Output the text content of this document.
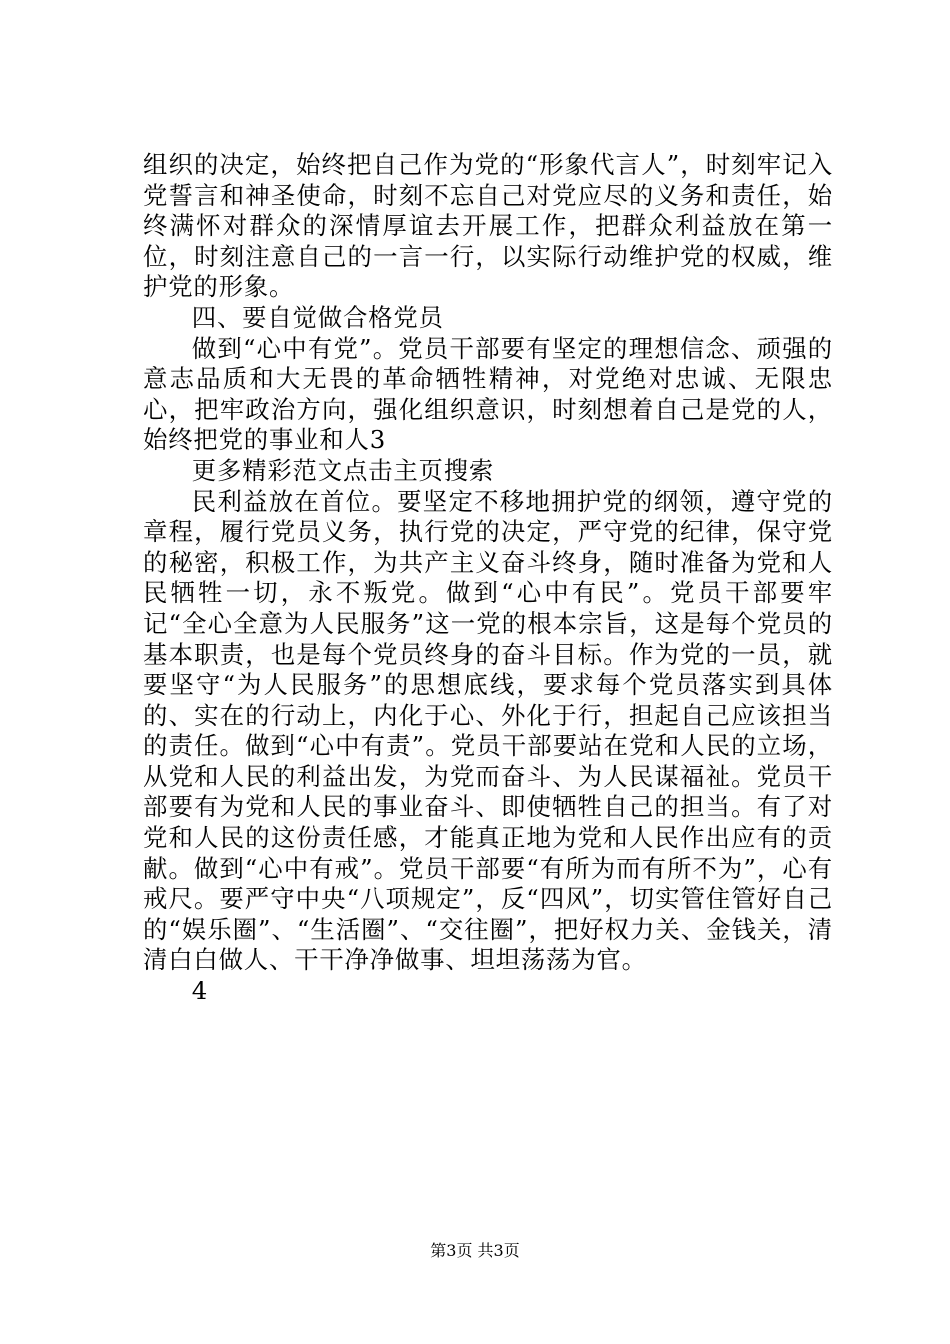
组织的决定，始终把自己作为党的“形象代言人”，时刻牢记入党誓言和神圣使命，时刻不忘自己对党应尽的义务和责任，始终满怀对群众的深情厚谊去开展工作，把群众利益放在第一位，时刻注意自己的一言一行，以实际行动维护党的权威，维护党的形象。

四、要自觉做合格党员

做到“心中有党”。党员干部要有坚定的理想信念、顽强的意志品质和大无畏的革命牺牲精神，对党绝对忠诚、无限忠心，把牢政治方向，强化组织意识，时刻想着自己是党的人，始终把党的事业和人3

更多精彩范文点击主页搜索

民利益放在首位。要坚定不移地拥护党的纲领，遵守党的章程，履行党员义务，执行党的决定，严守党的纪律，保守党的秘密，积极工作，为共产主义奋斗终身，随时准备为党和人民牺牲一切，永不叛党。做到“心中有民”。党员干部要牢记“全心全意为人民服务”这一党的根本宗旨，这是每个党员的基本职责，也是每个党员终身的奋斗目标。作为党的一员，就要坚守“为人民服务”的思想底线，要求每个党员落实到具体的、实在的行动上，内化于心、外化于行，担起自己应该担当的责任。做到“心中有责”。党员干部要站在党和人民的立场，从党和人民的利益出发，为党而奋斗、为人民谋福祉。党员干部要有为党和人民的事业奋斗、即使牺牲自己的担当。有了对党和人民的这份责任感，才能真正地为党和人民作出应有的贡献。做到“心中有戒”。党员干部要“有所为而有所不为”，心有戒尺。要严守中央“八项规定”，反“四风”，切实管住管好自己的“娱乐圈”、“生活圈”、“交往圈”，把好权力关、金钱关，清清白白做人、干干净净做事、坦坦荡荡为官。

4

第3页 共3页
